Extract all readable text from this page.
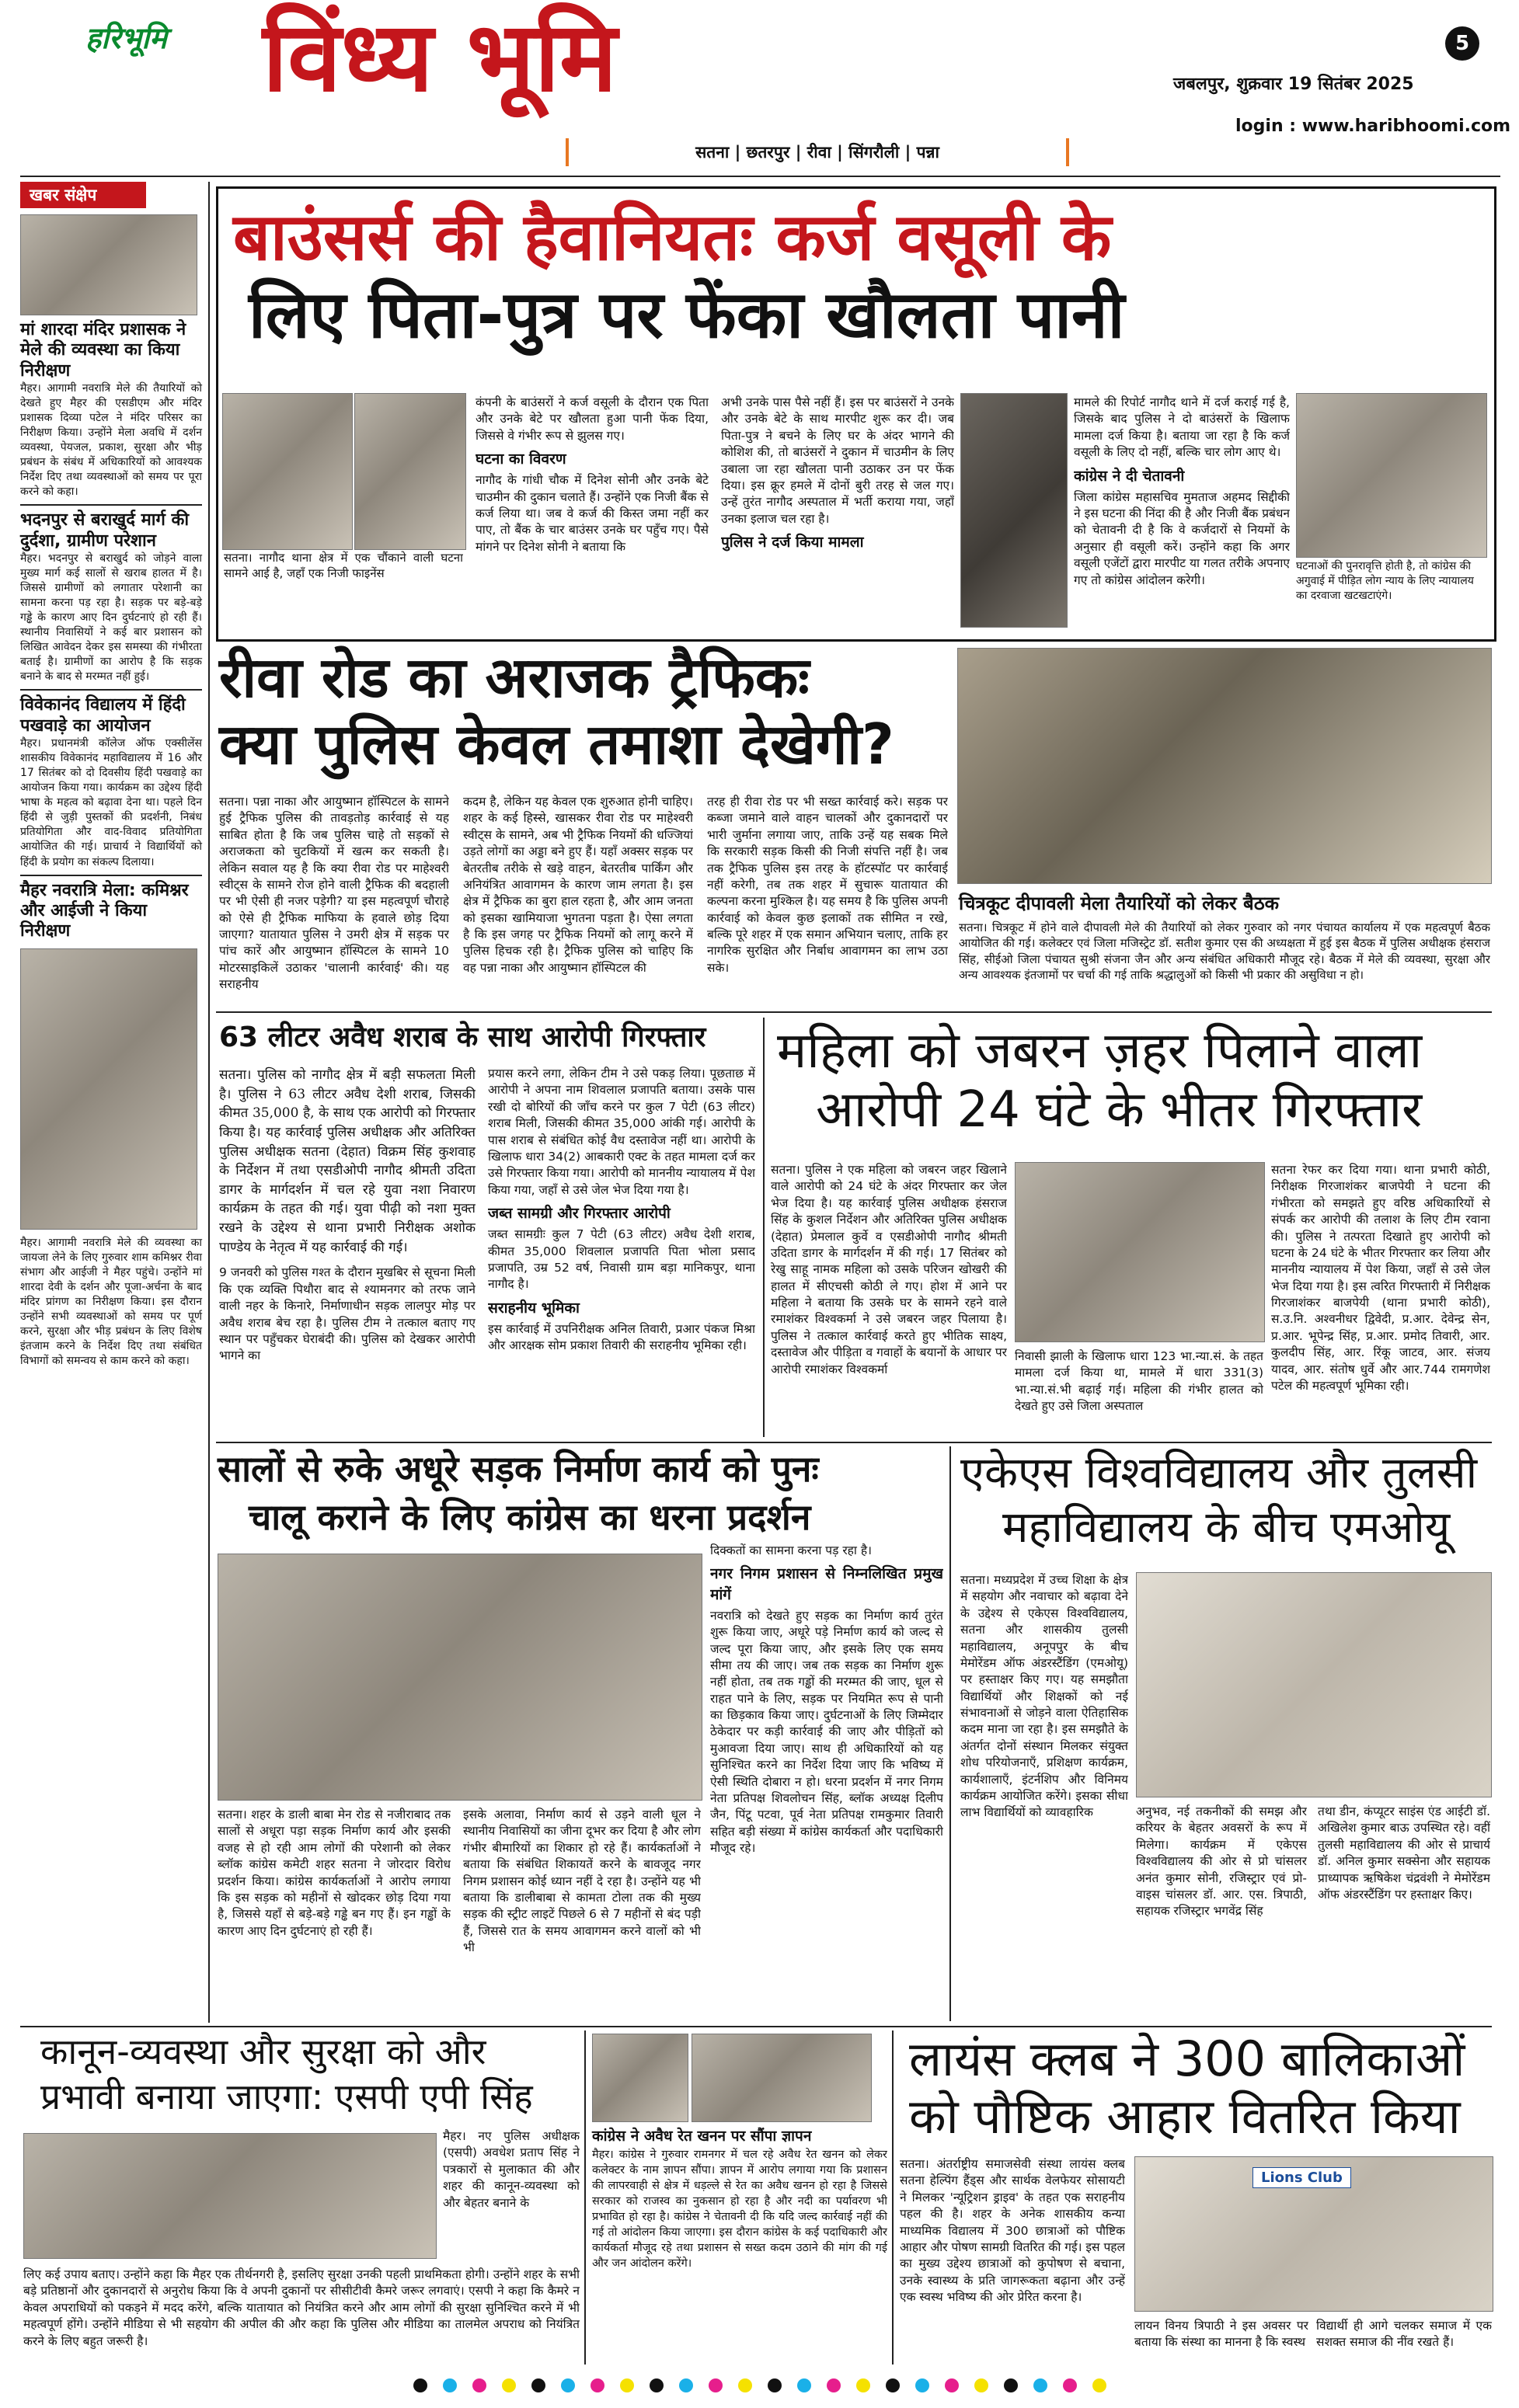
हरिभूमि विंध्य भूमि	5
जबलपुर, शुक्रवार 19 सितंबर 2025
login : www.haribhoomi.com
सतना | छतरपुर | रीवा | सिंगरौली | पन्ना
खबर संक्षेप
मां शारदा मंदिर प्रशासक ने मेले की व्यवस्था का किया निरीक्षण
मैहर। आगामी नवरात्रि मेले की तैयारियों को देखते हुए मैहर की एसडीएम और मंदिर प्रशासक दिव्या पटेल ने मंदिर परिसर का निरीक्षण किया। उन्होंने मेला अवधि में दर्शन व्यवस्था, पेयजल, प्रकाश, सुरक्षा और भीड़ प्रबंधन के संबंध में अधिकारियों को आवश्यक निर्देश दिए तथा व्यवस्थाओं को समय पर पूरा करने को कहा।
भदनपुर से बराखुर्द मार्ग की दुर्दशा, ग्रामीण परेशान
मैहर। भदनपुर से बराखुर्द को जोड़ने वाला मुख्य मार्ग कई सालों से खराब हालत में है। जिससे ग्रामीणों को लगातार परेशानी का सामना करना पड़ रहा है। सड़क पर बड़े-बड़े गड्ढे के कारण आए दिन दुर्घटनाएं हो रही हैं। स्थानीय निवासियों ने कई बार प्रशासन को लिखित आवेदन देकर इस समस्या की गंभीरता बताई है। ग्रामीणों का आरोप है कि सड़क बनाने के बाद से मरम्मत नहीं हुई।
विवेकानंद विद्यालय में हिंदी पखवाड़े का आयोजन
मैहर। प्रधानमंत्री कॉलेज ऑफ एक्सीलेंस शासकीय विवेकानंद महाविद्यालय में 16 और 17 सितंबर को दो दिवसीय हिंदी पखवाड़े का आयोजन किया गया। कार्यक्रम का उद्देश्य हिंदी भाषा के महत्व को बढ़ावा देना था। पहले दिन हिंदी से जुड़ी पुस्तकों की प्रदर्शनी, निबंध प्रतियोगिता और वाद-विवाद प्रतियोगिता आयोजित की गई। प्राचार्य ने विद्यार्थियों को हिंदी के प्रयोग का संकल्प दिलाया।
मैहर नवरात्रि मेला: कमिश्नर और आईजी ने किया निरीक्षण
मैहर। आगामी नवरात्रि मेले की व्यवस्था का जायजा लेने के लिए गुरुवार शाम कमिश्नर रीवा संभाग और आईजी ने मैहर पहुंचे। उन्होंने मां शारदा देवी के दर्शन और पूजा-अर्चना के बाद मंदिर प्रांगण का निरीक्षण किया। इस दौरान उन्होंने सभी व्यवस्थाओं को समय पर पूर्ण करने, सुरक्षा और भीड़ प्रबंधन के लिए विशेष इंतजाम करने के निर्देश दिए तथा संबंधित विभागों को समन्वय से काम करने को कहा।
बाउंसर्स की हैवानियतः कर्ज वसूली के
लिए पिता-पुत्र पर फेंका खौलता पानी
सतना। नागौद थाना क्षेत्र में एक चौंकाने वाली घटना सामने आई है, जहाँ एक निजी फाइनेंस
कंपनी के बाउंसरों ने कर्ज वसूली के दौरान एक पिता और उनके बेटे पर खौलता हुआ पानी फेंक दिया, जिससे वे गंभीर रूप से झुलस गए।
घटना का विवरण
नागौद के गांधी चौक में दिनेश सोनी और उनके बेटे चाउमीन की दुकान चलाते हैं। उन्होंने एक निजी बैंक से कर्ज लिया था। जब वे कर्ज की किस्त जमा नहीं कर पाए, तो बैंक के चार बाउंसर उनके घर पहुँच गए। पैसे मांगने पर दिनेश सोनी ने बताया कि
अभी उनके पास पैसे नहीं हैं। इस पर बाउंसरों ने उनके और उनके बेटे के साथ मारपीट शुरू कर दी। जब पिता-पुत्र ने बचने के लिए घर के अंदर भागने की कोशिश की, तो बाउंसरों ने दुकान में चाउमीन के लिए उबाला जा रहा खौलता पानी उठाकर उन पर फेंक दिया। इस क्रूर हमले में दोनों बुरी तरह से जल गए। उन्हें तुरंत नागौद अस्पताल में भर्ती कराया गया, जहाँ उनका इलाज चल रहा है।
पुलिस ने दर्ज किया मामला
मामले की रिपोर्ट नागौद थाने में दर्ज कराई गई है, जिसके बाद पुलिस ने दो बाउंसरों के खिलाफ मामला दर्ज किया है। बताया जा रहा है कि कर्ज वसूली के लिए दो नहीं, बल्कि चार लोग आए थे।
कांग्रेस ने दी चेतावनी
जिला कांग्रेस महासचिव मुमताज अहमद सिद्दीकी ने इस घटना की निंदा की है और निजी बैंक प्रबंधन को चेतावनी दी है कि वे कर्जदारों से नियमों के अनुसार ही वसूली करें। उन्होंने कहा कि अगर वसूली एजेंटों द्वारा मारपीट या गलत तरीके अपनाए गए तो कांग्रेस आंदोलन करेगी।
घटनाओं की पुनरावृत्ति होती है, तो कांग्रेस की अगुवाई में पीड़ित लोग न्याय के लिए न्यायालय का दरवाजा खटखटाएंगे।
रीवा रोड का अराजक ट्रैफिकः
क्या पुलिस केवल तमाशा देखेगी?
सतना। पन्ना नाका और आयुष्मान हॉस्पिटल के सामने हुई ट्रैफिक पुलिस की तावड़तोड़ कार्रवाई से यह साबित होता है कि जब पुलिस चाहे तो सड़कों से अराजकता को चुटकियों में खत्म कर सकती है। लेकिन सवाल यह है कि क्या रीवा रोड पर माहेश्वरी स्वीट्स के सामने रोज होने वाली ट्रैफिक की बदहाली पर भी ऐसी ही नजर पड़ेगी? या इस महत्वपूर्ण चौराहे को ऐसे ही ट्रैफिक माफिया के हवाले छोड़ दिया जाएगा? यातायात पुलिस ने उमरी क्षेत्र में सड़क पर पांच कारें और आयुष्मान हॉस्पिटल के सामने 10 मोटरसाइकिलें उठाकर 'चालानी कार्रवाई' की। यह सराहनीय
कदम है, लेकिन यह केवल एक शुरुआत होनी चाहिए। शहर के कई हिस्से, खासकर रीवा रोड पर माहेश्वरी स्वीट्स के सामने, अब भी ट्रैफिक नियमों की धज्जियां उड़ते लोगों का अड्डा बने हुए हैं। यहाँ अक्सर सड़क पर बेतरतीब तरीके से खड़े वाहन, बेतरतीब पार्किंग और अनियंत्रित आवागमन के कारण जाम लगता है। इस क्षेत्र में ट्रैफिक का बुरा हाल रहता है, और आम जनता को इसका खामियाजा भुगतना पड़ता है। ऐसा लगता है कि इस जगह पर ट्रैफिक नियमों को लागू करने में पुलिस हिचक रही है। ट्रैफिक पुलिस को चाहिए कि वह पन्ना नाका और आयुष्मान हॉस्पिटल की
तरह ही रीवा रोड पर भी सख्त कार्रवाई करे। सड़क पर कब्जा जमाने वाले वाहन चालकों और दुकानदारों पर भारी जुर्माना लगाया जाए, ताकि उन्हें यह सबक मिले कि सरकारी सड़क किसी की निजी संपत्ति नहीं है। जब तक ट्रैफिक पुलिस इस तरह के हॉटस्पॉट पर कार्रवाई नहीं करेगी, तब तक शहर में सुचारू यातायात की कल्पना करना मुश्किल है। यह समय है कि पुलिस अपनी कार्रवाई को केवल कुछ इलाकों तक सीमित न रखे, बल्कि पूरे शहर में एक समान अभियान चलाए, ताकि हर नागरिक सुरक्षित और निर्बाध आवागमन का लाभ उठा सके।
चित्रकूट दीपावली मेला तैयारियों को लेकर बैठक
सतना। चित्रकूट में होने वाले दीपावली मेले की तैयारियों को लेकर गुरुवार को नगर पंचायत कार्यालय में एक महत्वपूर्ण बैठक आयोजित की गई। कलेक्टर एवं जिला मजिस्ट्रेट डॉ. सतीश कुमार एस की अध्यक्षता में हुई इस बैठक में पुलिस अधीक्षक हंसराज सिंह, सीईओ जिला पंचायत सुश्री संजना जैन और अन्य संबंधित अधिकारी मौजूद रहे। बैठक में मेले की व्यवस्था, सुरक्षा और अन्य आवश्यक इंतजामों पर चर्चा की गई ताकि श्रद्धालुओं को किसी भी प्रकार की असुविधा न हो।
63 लीटर अवैध शराब के साथ आरोपी गिरफ्तार
सतना। पुलिस को नागौद क्षेत्र में बड़ी सफलता मिली है। पुलिस ने 63 लीटर अवैध देशी शराब, जिसकी कीमत 35,000 है, के साथ एक आरोपी को गिरफ्तार किया है। यह कार्रवाई पुलिस अधीक्षक और अतिरिक्त पुलिस अधीक्षक सतना (देहात) विक्रम सिंह कुशवाह के निर्देशन में तथा एसडीओपी नागौद श्रीमती उदिता डागर के मार्गदर्शन में चल रहे युवा नशा निवारण कार्यक्रम के तहत की गई। युवा पीढ़ी को नशा मुक्त रखने के उद्देश्य से थाना प्रभारी निरीक्षक अशोक पाण्डेय के नेतृत्व में यह कार्रवाई की गई।
9 जनवरी को पुलिस गश्त के दौरान मुखबिर से सूचना मिली कि एक व्यक्ति पिथौरा बाद से श्यामनगर को तरफ जाने वाली नहर के किनारे, निर्माणाधीन सड़क लालपुर मोड़ पर अवैध शराब बेच रहा है। पुलिस टीम ने तत्काल बताए गए स्थान पर पहुँचकर घेराबंदी की। पुलिस को देखकर आरोपी भागने का
प्रयास करने लगा, लेकिन टीम ने उसे पकड़ लिया। पूछताछ में आरोपी ने अपना नाम शिवलाल प्रजापति बताया। उसके पास रखी दो बोरियों की जाँच करने पर कुल 7 पेटी (63 लीटर) शराब मिली, जिसकी कीमत 35,000 आंकी गई। आरोपी के पास शराब से संबंधित कोई वैध दस्तावेज नहीं था। आरोपी के खिलाफ धारा 34(2) आबकारी एक्ट के तहत मामला दर्ज कर उसे गिरफ्तार किया गया। आरोपी को माननीय न्यायालय में पेश किया गया, जहाँ से उसे जेल भेज दिया गया है।
जब्त सामग्री और गिरफ्तार आरोपी
जब्त सामग्रीः कुल 7 पेटी (63 लीटर) अवैध देशी शराब, कीमत 35,000 शिवलाल प्रजापति पिता भोला प्रसाद प्रजापति, उम्र 52 वर्ष, निवासी ग्राम बड़ा मानिकपुर, थाना नागौद है।
सराहनीय भूमिका
इस कार्रवाई में उपनिरीक्षक अनिल तिवारी, प्रआर पंकज मिश्रा और आरक्षक सोम प्रकाश तिवारी की सराहनीय भूमिका रही।
महिला को जबरन ज़हर पिलाने वाला
आरोपी 24 घंटे के भीतर गिरफ्तार
सतना। पुलिस ने एक महिला को जबरन जहर खिलाने वाले आरोपी को 24 घंटे के अंदर गिरफ्तार कर जेल भेज दिया है। यह कार्रवाई पुलिस अधीक्षक हंसराज सिंह के कुशल निर्देशन और अतिरिक्त पुलिस अधीक्षक (देहात) प्रेमलाल कुर्वे व एसडीओपी नागौद श्रीमती उदिता डागर के मार्गदर्शन में की गई। 17 सितंबर को रेखु साहू नामक महिला को उसके परिजन खोखरी की हालत में सीएचसी कोठी ले गए। होश में आने पर महिला ने बताया कि उसके घर के सामने रहने वाले रमाशंकर विश्वकर्मा ने उसे जबरन जहर पिलाया है। पुलिस ने तत्काल कार्रवाई करते हुए भीतिक साक्ष्य, दस्तावेज और पीड़िता व गवाहों के बयानों के आधार पर आरोपी रमाशंकर विश्वकर्मा
निवासी झाली के खिलाफ धारा 123 भा.न्या.सं. के तहत मामला दर्ज किया था, मामले में धारा 331(3) भा.न्या.सं.भी बढ़ाई गई। महिला की गंभीर हालत को देखते हुए उसे जिला अस्पताल
सतना रेफर कर दिया गया। थाना प्रभारी कोठी, निरीक्षक गिरजाशंकर बाजपेयी ने घटना की गंभीरता को समझते हुए वरिष्ठ अधिकारियों से संपर्क कर आरोपी की तलाश के लिए टीम रवाना की। पुलिस ने तत्परता दिखाते हुए आरोपी को घटना के 24 घंटे के भीतर गिरफ्तार कर लिया और माननीय न्यायालय में पेश किया, जहाँ से उसे जेल भेज दिया गया है। इस त्वरित गिरफ्तारी में निरीक्षक गिरजाशंकर बाजपेयी (थाना प्रभारी कोठी), स.उ.नि. अश्वनीधर द्विवेदी, प्र.आर. देवेन्द्र सेन, प्र.आर. भूपेन्द्र सिंह, प्र.आर. प्रमोद तिवारी, आर. कुलदीप सिंह, आर. रिंकू जाटव, आर. संजय यादव, आर. संतोष धुर्वे और आर.744 रामगणेश पटेल की महत्वपूर्ण भूमिका रही।
सालों से रुके अधूरे सड़क निर्माण कार्य को पुनः
चालू कराने के लिए कांग्रेस का धरना प्रदर्शन
सतना। शहर के डाली बाबा मेन रोड से नजीराबाद तक सालों से अधूरा पड़ा सड़क निर्माण कार्य और इसकी वजह से हो रही आम लोगों की परेशानी को लेकर ब्लॉक कांग्रेस कमेटी शहर सतना ने जोरदार विरोध प्रदर्शन किया। कांग्रेस कार्यकर्ताओं ने आरोप लगाया कि इस सड़क को महीनों से खोदकर छोड़ दिया गया है, जिससे यहाँ से बड़े-बड़े गड्ढे बन गए हैं। इन गड्ढों के कारण आए दिन दुर्घटनाएं हो रही हैं।
इसके अलावा, निर्माण कार्य से उड़ने वाली धूल ने स्थानीय निवासियों का जीना दूभर कर दिया है और लोग गंभीर बीमारियों का शिकार हो रहे हैं। कार्यकर्ताओं ने बताया कि संबंधित शिकायतें करने के बावजूद नगर निगम प्रशासन कोई ध्यान नहीं दे रहा है। उन्होंने यह भी बताया कि डालीबाबा से कामता टोला तक की मुख्य सड़क की स्ट्रीट लाइटें पिछले 6 से 7 महीनों से बंद पड़ी हैं, जिससे रात के समय आवागमन करने वालों को भी भी
दिक्कतों का सामना करना पड़ रहा है।
नगर निगम प्रशासन से निम्नलिखित प्रमुख मांगें
नवरात्रि को देखते हुए सड़क का निर्माण कार्य तुरंत शुरू किया जाए, अधूरे पड़े निर्माण कार्य को जल्द से जल्द पूरा किया जाए, और इसके लिए एक समय सीमा तय की जाए। जब तक सड़क का निर्माण शुरू नहीं होता, तब तक गड्ढों की मरम्मत की जाए, धूल से राहत पाने के लिए, सड़क पर नियमित रूप से पानी का छिड़काव किया जाए। दुर्घटनाओं के लिए जिम्मेदार ठेकेदार पर कड़ी कार्रवाई की जाए और पीड़ितों को मुआवजा दिया जाए। साथ ही अधिकारियों को यह सुनिश्चित करने का निर्देश दिया जाए कि भविष्य में ऐसी स्थिति दोबारा न हो। धरना प्रदर्शन में नगर निगम नेता प्रतिपक्ष शिवलोचन सिंह, ब्लॉक अध्यक्ष दिलीप जैन, पिंटू पटवा, पूर्व नेता प्रतिपक्ष रामकुमार तिवारी सहित बड़ी संख्या में कांग्रेस कार्यकर्ता और पदाधिकारी मौजूद रहे।
एकेएस विश्वविद्यालय और तुलसी
महाविद्यालय के बीच एमओयू
सतना। मध्यप्रदेश में उच्च शिक्षा के क्षेत्र में सहयोग और नवाचार को बढ़ावा देने के उद्देश्य से एकेएस विश्वविद्यालय, सतना और शासकीय तुलसी महाविद्यालय, अनूपपुर के बीच मेमोरेंडम ऑफ अंडरस्टैंडिंग (एमओयू) पर हस्ताक्षर किए गए। यह समझौता विद्यार्थियों और शिक्षकों को नई संभावनाओं से जोड़ने वाला ऐतिहासिक कदम माना जा रहा है। इस समझौते के अंतर्गत दोनों संस्थान मिलकर संयुक्त शोध परियोजनाएँ, प्रशिक्षण कार्यक्रम, कार्यशालाएँ, इंटर्नशिप और विनिमय कार्यक्रम आयोजित करेंगे। इसका सीधा लाभ विद्यार्थियों को व्यावहारिक	अनुभव, नई तकनीकों की समझ और करियर के बेहतर अवसरों के रूप में मिलेगा। कार्यक्रम में एकेएस विश्वविद्यालय की ओर से प्रो चांसलर अनंत कुमार सोनी, रजिस्ट्रार एवं प्रो-वाइस चांसलर डॉ. आर. एस. त्रिपाठी, सहायक रजिस्ट्रार भगवेंद्र सिंह
तथा डीन, कंप्यूटर साइंस एंड आईटी डॉ. अखिलेश कुमार बाऊ उपस्थित रहे। वहीं तुलसी महाविद्यालय की ओर से प्राचार्य डॉ. अनिल कुमार सक्सेना और सहायक प्राध्यापक ऋषिकेश चंद्रवंशी ने मेमोरेंडम ऑफ अंडरस्टैंडिंग पर हस्ताक्षर किए।
कानून-व्यवस्था और सुरक्षा को और
प्रभावी बनाया जाएगा: एसपी एपी सिंह
मैहर। नए पुलिस अधीक्षक (एसपी) अवधेश प्रताप सिंह ने पत्रकारों से मुलाकात की और शहर की कानून-व्यवस्था को और बेहतर बनाने के
लिए कई उपाय बताए। उन्होंने कहा कि मैहर एक तीर्थनगरी है, इसलिए सुरक्षा उनकी पहली प्राथमिकता होगी। उन्होंने शहर के सभी बड़े प्रतिष्ठानों और दुकानदारों से अनुरोध किया कि वे अपनी दुकानों पर सीसीटीवी कैमरे जरूर लगवाएं। एसपी ने कहा कि कैमरे न केवल अपराधियों को पकड़ने में मदद करेंगे, बल्कि यातायात को नियंत्रित करने और आम लोगों की सुरक्षा सुनिश्चित करने में भी महत्वपूर्ण होंगे। उन्होंने मीडिया से भी सहयोग की अपील की और कहा कि पुलिस और मीडिया का तालमेल अपराध को नियंत्रित करने के लिए बहुत जरूरी है।
कांग्रेस ने अवैध रेत खनन पर सौंपा ज्ञापन
मैहर। कांग्रेस ने गुरुवार रामनगर में चल रहे अवैध रेत खनन को लेकर कलेक्टर के नाम ज्ञापन सौंपा। ज्ञापन में आरोप लगाया गया कि प्रशासन की लापरवाही से क्षेत्र में धड़ल्ले से रेत का अवैध खनन हो रहा है जिससे सरकार को राजस्व का नुकसान हो रहा है और नदी का पर्यावरण भी प्रभावित हो रहा है। कांग्रेस ने चेतावनी दी कि यदि जल्द कार्रवाई नहीं की गई तो आंदोलन किया जाएगा। इस दौरान कांग्रेस के कई पदाधिकारी और कार्यकर्ता मौजूद रहे तथा प्रशासन से सख्त कदम उठाने की मांग की गई और जन आंदोलन करेंगे।
लायंस क्लब ने 300 बालिकाओं
को पौष्टिक आहार वितरित किया
सतना। अंतर्राष्ट्रीय समाजसेवी संस्था लायंस क्लब सतना हेल्पिंग हैंड्स और सार्थक वेलफेयर सोसायटी ने मिलकर 'न्यूट्रिशन ड्राइव' के तहत एक सराहनीय पहल की है। शहर के अनेक शासकीय कन्या माध्यमिक विद्यालय में 300 छात्राओं को पौष्टिक आहार और पोषण सामग्री वितरित की गई। इस पहल का मुख्य उद्देश्य छात्राओं को कुपोषण से बचाना, उनके स्वास्थ्य के प्रति जागरूकता बढ़ाना और उन्हें एक स्वस्थ भविष्य की ओर प्रेरित करना है।
Lions Club
लायन विनय त्रिपाठी ने इस अवसर पर बताया कि संस्था का मानना है कि स्वस्थ
विद्यार्थी ही आगे चलकर समाज में एक सशक्त समाज की नींव रखते हैं।
